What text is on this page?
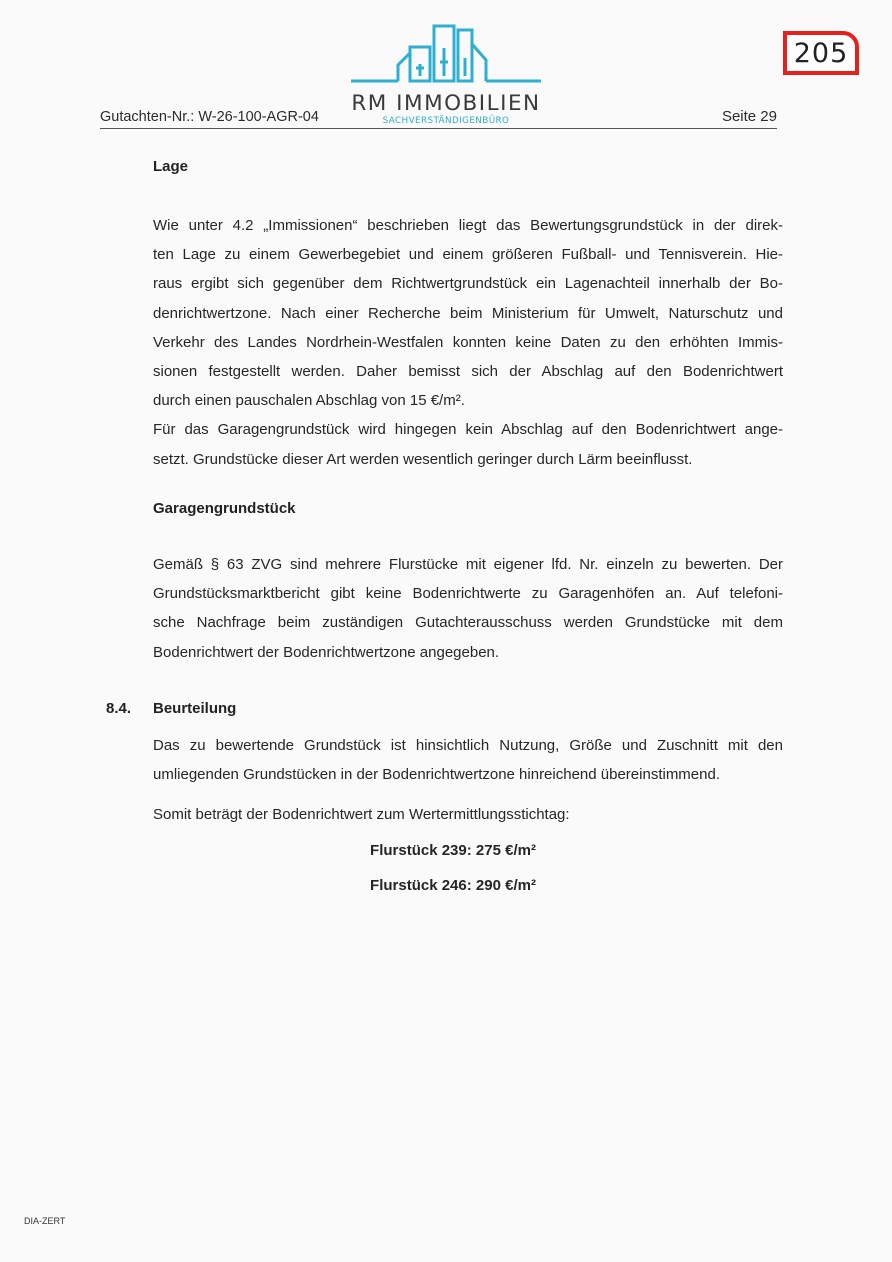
205
RM IMMOBILIEN
SACHVERSTÄNDIGENBÜRO
Gutachten-Nr.: W-26-100-AGR-04	Seite 29
Lage
Wie unter 4.2 „Immissionen“ beschrieben liegt das Bewertungsgrundstück in der direk-
ten Lage zu einem Gewerbegebiet und einem größeren Fußball- und Tennisverein. Hie-
raus ergibt sich gegenüber dem Richtwertgrundstück ein Lagenachteil innerhalb der Bo-
denrichtwertzone. Nach einer Recherche beim Ministerium für Umwelt, Naturschutz und
Verkehr des Landes Nordrhein-Westfalen konnten keine Daten zu den erhöhten Immis-
sionen festgestellt werden. Daher bemisst sich der Abschlag auf den Bodenrichtwert
durch einen pauschalen Abschlag von 15 €/m².
Für das Garagengrundstück wird hingegen kein Abschlag auf den Bodenrichtwert ange-
setzt. Grundstücke dieser Art werden wesentlich geringer durch Lärm beeinflusst.
Garagengrundstück
Gemäß § 63 ZVG sind mehrere Flurstücke mit eigener lfd. Nr. einzeln zu bewerten. Der
Grundstücksmarktbericht gibt keine Bodenrichtwerte zu Garagenhöfen an. Auf telefoni-
sche Nachfrage beim zuständigen Gutachterausschuss werden Grundstücke mit dem
Bodenrichtwert der Bodenrichtwertzone angegeben.
8.4. Beurteilung
Das zu bewertende Grundstück ist hinsichtlich Nutzung, Größe und Zuschnitt mit den
umliegenden Grundstücken in der Bodenrichtwertzone hinreichend übereinstimmend.
Somit beträgt der Bodenrichtwert zum Wertermittlungsstichtag:
Flurstück 239: 275 €/m²
Flurstück 246: 290 €/m²
DIA-ZERT
